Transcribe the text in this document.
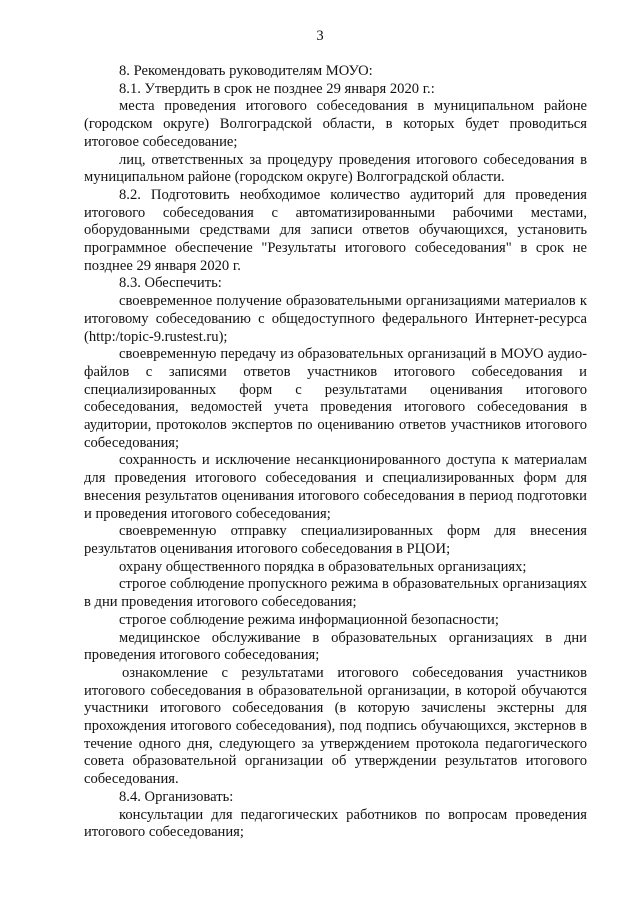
3

8. Рекомендовать руководителям МОУО:

8.1. Утвердить в срок не позднее 29 января 2020 г.:

места проведения итогового собеседования в муниципальном районе (городском округе) Волгоградской области, в которых будет проводиться итоговое собеседование;

лиц, ответственных за процедуру проведения итогового собеседования в муниципальном районе (городском округе) Волгоградской области.

8.2. Подготовить необходимое количество аудиторий для проведения итогового собеседования с автоматизированными рабочими местами, оборудованными средствами для записи ответов обучающихся, установить программное обеспечение "Результаты итогового собеседования" в срок не позднее 29 января 2020 г.

8.3. Обеспечить:

своевременное получение образовательными организациями материалов к итоговому собеседованию с общедоступного федерального Интернет-ресурса (http:/topic-9.rustest.ru);

своевременную передачу из образовательных организаций в МОУО аудио-файлов с записями ответов участников итогового собеседования и специализированных форм с результатами оценивания итогового собеседования, ведомостей учета проведения итогового собеседования в аудитории, протоколов экспертов по оцениванию ответов участников итогового собеседования;

сохранность и исключение несанкционированного доступа к материалам для проведения итогового собеседования и специализированных форм для внесения результатов оценивания итогового собеседования в период подготовки и проведения итогового собеседования;

своевременную отправку специализированных форм для внесения результатов оценивания итогового собеседования в РЦОИ;

охрану общественного порядка в образовательных организациях;

строгое соблюдение пропускного режима в образовательных организациях в дни проведения итогового собеседования;

строгое соблюдение режима информационной безопасности;

медицинское обслуживание в образовательных организациях в дни проведения итогового собеседования;

ознакомление с результатами итогового собеседования участников итогового собеседования в образовательной организации, в которой обучаются участники итогового собеседования (в которую зачислены экстерны для прохождения итогового собеседования), под подпись обучающихся, экстернов в течение одного дня, следующего за утверждением протокола педагогического совета образовательной организации об утверждении результатов итогового собеседования.

8.4. Организовать:

консультации для педагогических работников по вопросам проведения итогового собеседования;
